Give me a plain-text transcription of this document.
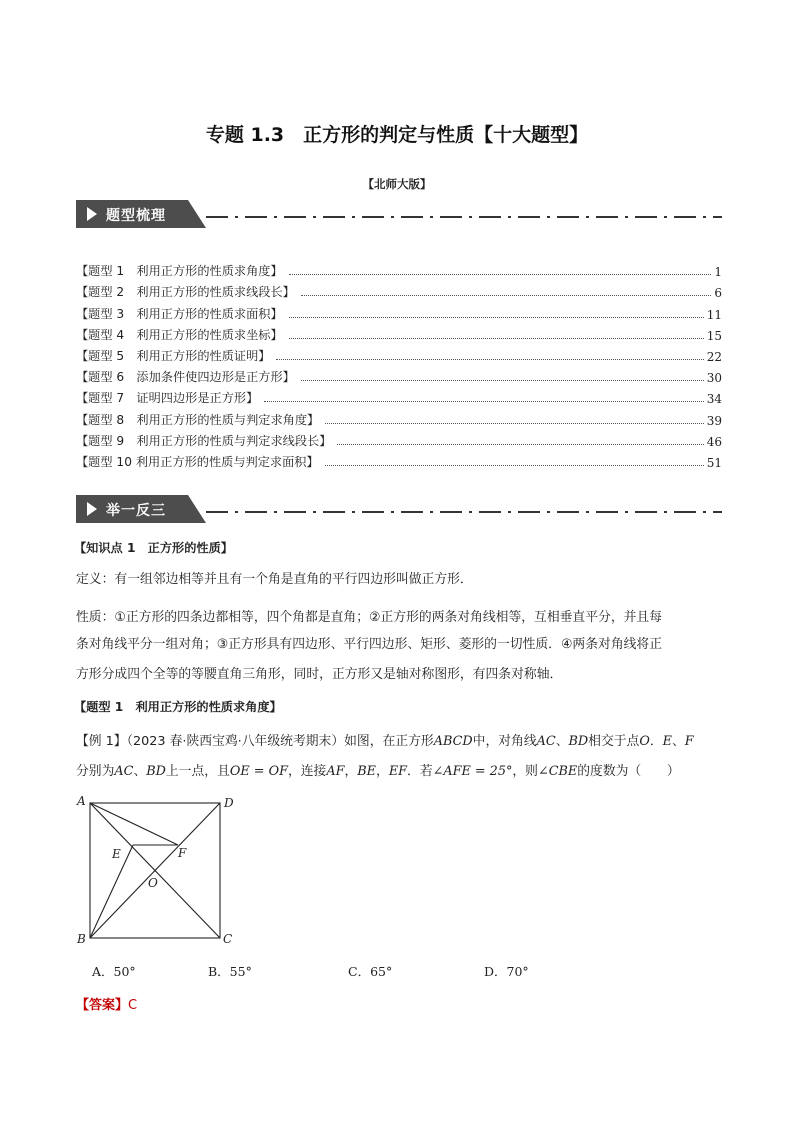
专题 1.3　正方形的判定与性质【十大题型】
【北师大版】
题型梳理
【题型 1　利用正方形的性质求角度】	1
【题型 2　利用正方形的性质求线段长】	6
【题型 3　利用正方形的性质求面积】	11
【题型 4　利用正方形的性质求坐标】	15
【题型 5　利用正方形的性质证明】	22
【题型 6　添加条件使四边形是正方形】	30
【题型 7　证明四边形是正方形】	34
【题型 8　利用正方形的性质与判定求角度】	39
【题型 9　利用正方形的性质与判定求线段长】	46
【题型 10 利用正方形的性质与判定求面积】	51
举一反三
【知识点 1　正方形的性质】
定义：有一组邻边相等并且有一个角是直角的平行四边形叫做正方形．
性质：①正方形的四条边都相等，四个角都是直角；②正方形的两条对角线相等，互相垂直平分，并且每
条对角线平分一组对角；③正方形具有四边形、平行四边形、矩形、菱形的一切性质．④两条对角线将正
方形分成四个全等的等腰直角三角形，同时，正方形又是轴对称图形，有四条对称轴．
【题型 1　利用正方形的性质求角度】
【例 1】（2023 春·陕西宝鸡·八年级统考期末）如图，在正方形ABCD中，对角线AC、BD相交于点O．E、F
分别为AC、BD上一点，且OE = OF，连接AF，BE，EF．若∠AFE = 25°，则∠CBE的度数为（　　）
A	D
B	C
E	F
O
A．50°	B．55°	C．65°	D．70°
【答案】C
